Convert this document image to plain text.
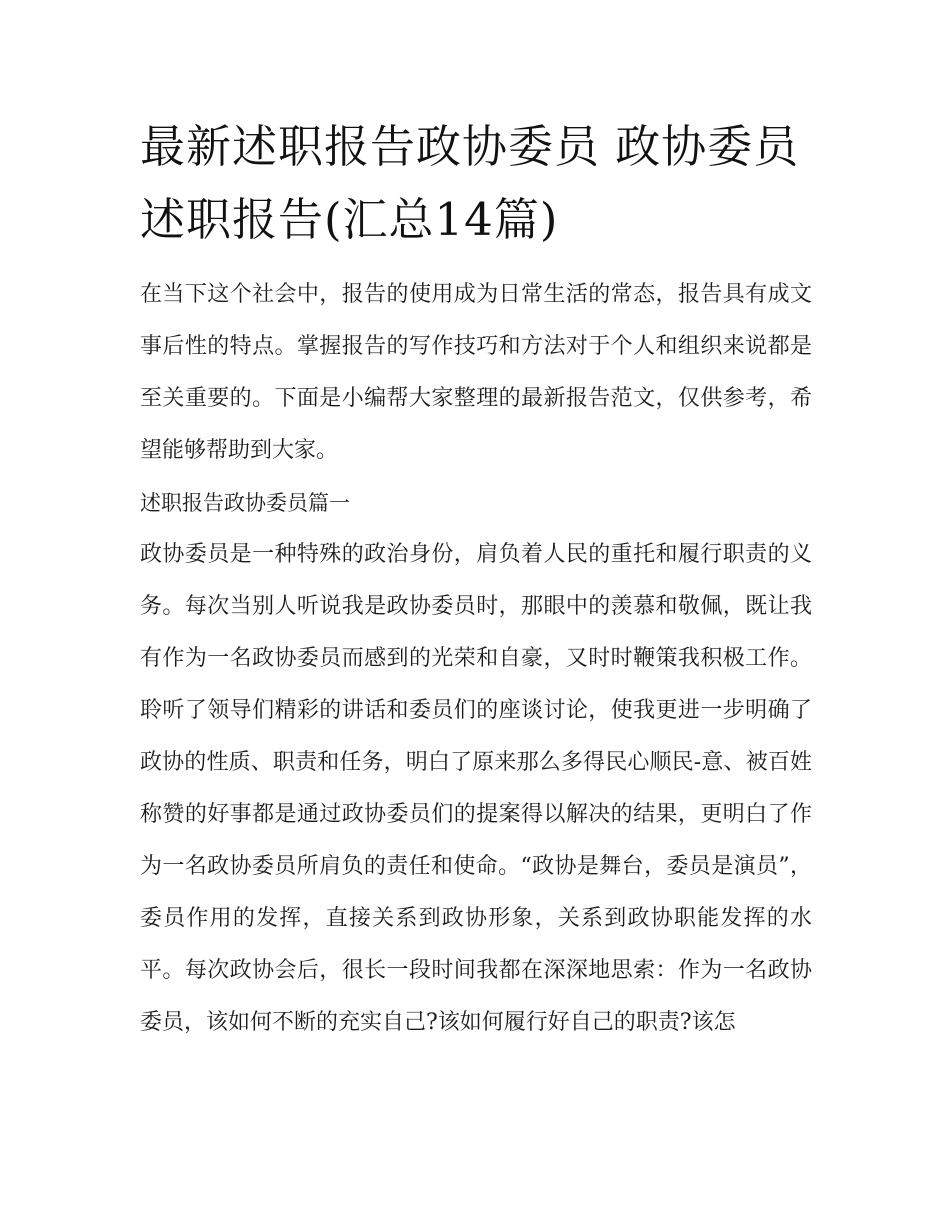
最新述职报告政协委员 政协委员述职报告(汇总14篇)

在当下这个社会中，报告的使用成为日常生活的常态，报告具有成文事后性的特点。掌握报告的写作技巧和方法对于个人和组织来说都是至关重要的。下面是小编帮大家整理的最新报告范文，仅供参考，希望能够帮助到大家。

述职报告政协委员篇一

政协委员是一种特殊的政治身份，肩负着人民的重托和履行职责的义务。每次当别人听说我是政协委员时，那眼中的羡慕和敬佩，既让我有作为一名政协委员而感到的光荣和自豪，又时时鞭策我积极工作。聆听了领导们精彩的讲话和委员们的座谈讨论，使我更进一步明确了政协的性质、职责和任务，明白了原来那么多得民心顺民-意、被百姓称赞的好事都是通过政协委员们的提案得以解决的结果，更明白了作为一名政协委员所肩负的责任和使命。“政协是舞台，委员是演员”，委员作用的发挥，直接关系到政协形象，关系到政协职能发挥的水平。每次政协会后，很长一段时间我都在深深地思索：作为一名政协委员，该如何不断的充实自己?该如何履行好自己的职责?该怎
